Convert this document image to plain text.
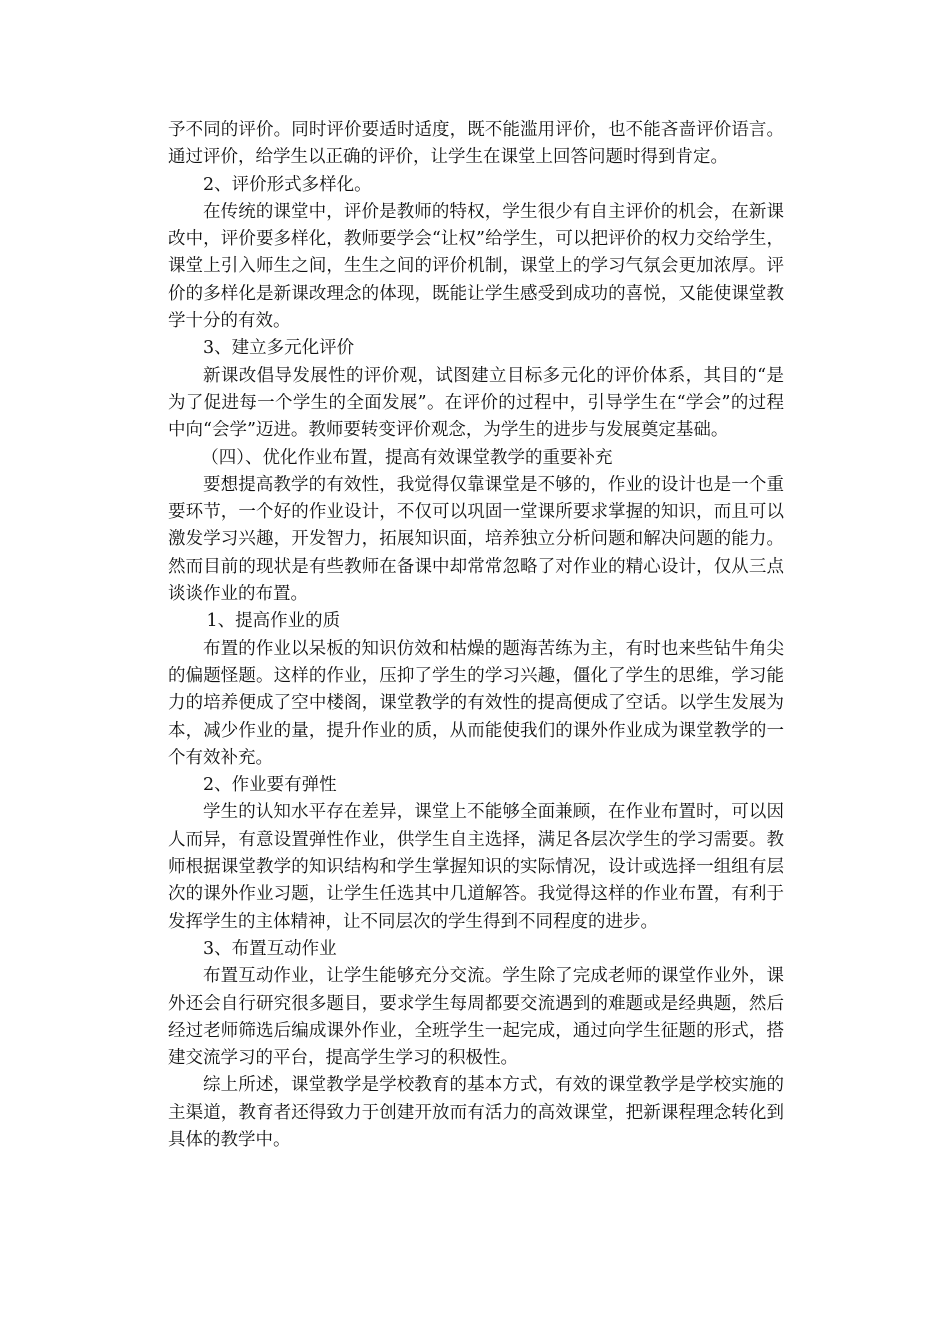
予不同的评价。同时评价要适时适度，既不能滥用评价，也不能吝啬评价语言。通过评价，给学生以正确的评价，让学生在课堂上回答问题时得到肯定。

2、评价形式多样化。

在传统的课堂中，评价是教师的特权，学生很少有自主评价的机会，在新课改中，评价要多样化，教师要学会“让权”给学生，可以把评价的权力交给学生，课堂上引入师生之间，生生之间的评价机制，课堂上的学习气氛会更加浓厚。评价的多样化是新课改理念的体现，既能让学生感受到成功的喜悦，又能使课堂教学十分的有效。

3、建立多元化评价

新课改倡导发展性的评价观，试图建立目标多元化的评价体系，其目的“是为了促进每一个学生的全面发展”。在评价的过程中，引导学生在“学会”的过程中向“会学”迈进。教师要转变评价观念，为学生的进步与发展奠定基础。

（四）、优化作业布置，提高有效课堂教学的重要补充

要想提高教学的有效性，我觉得仅靠课堂是不够的，作业的设计也是一个重要环节，一个好的作业设计，不仅可以巩固一堂课所要求掌握的知识，而且可以激发学习兴趣，开发智力，拓展知识面，培养独立分析问题和解决问题的能力。然而目前的现状是有些教师在备课中却常常忽略了对作业的精心设计，仅从三点谈谈作业的布置。

1、提高作业的质

布置的作业以呆板的知识仿效和枯燥的题海苦练为主，有时也来些钻牛角尖的偏题怪题。这样的作业，压抑了学生的学习兴趣，僵化了学生的思维，学习能力的培养便成了空中楼阁，课堂教学的有效性的提高便成了空话。以学生发展为本，减少作业的量，提升作业的质，从而能使我们的课外作业成为课堂教学的一个有效补充。

2、作业要有弹性

学生的认知水平存在差异，课堂上不能够全面兼顾，在作业布置时，可以因人而异，有意设置弹性作业，供学生自主选择，满足各层次学生的学习需要。教师根据课堂教学的知识结构和学生掌握知识的实际情况，设计或选择一组组有层次的课外作业习题，让学生任选其中几道解答。我觉得这样的作业布置，有利于发挥学生的主体精神，让不同层次的学生得到不同程度的进步。

3、布置互动作业

布置互动作业，让学生能够充分交流。学生除了完成老师的课堂作业外，课外还会自行研究很多题目，要求学生每周都要交流遇到的难题或是经典题，然后经过老师筛选后编成课外作业，全班学生一起完成，通过向学生征题的形式，搭建交流学习的平台，提高学生学习的积极性。

综上所述，课堂教学是学校教育的基本方式，有效的课堂教学是学校实施的主渠道，教育者还得致力于创建开放而有活力的高效课堂，把新课程理念转化到具体的教学中。
